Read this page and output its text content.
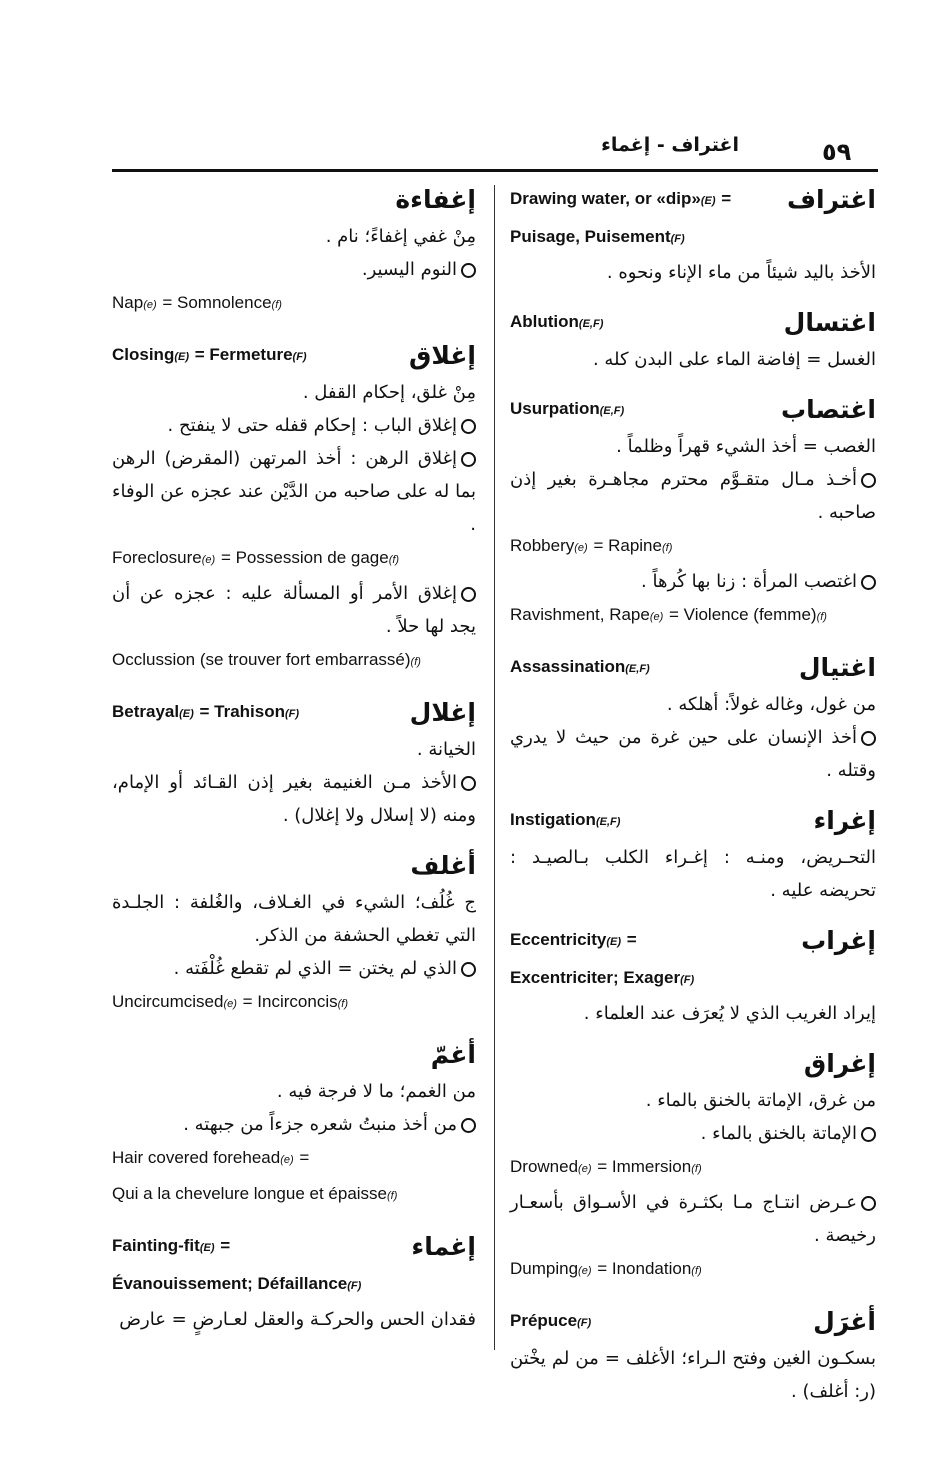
٥٩
اغتراف - إغماء
Drawing water, or «dip»(E) = اغتراف
Puisage, Puisement(F)
الأخذ باليد شيئاً من ماء الإناء ونحوه .
Ablution(E,F)	اغتسال
الغسل = إفاضة الماء على البدن كله .
Usurpation(E,F)	اغتصاب
الغصب = أخذ الشيء قهراً وظلماً .
أخـذ مـال متقـوَّم محترم مجاهـرة بغير إذن صاحبه .
Robbery(e) = Rapine(f)
اغتصب المرأة : زنا بها كُرهاً .
Ravishment, Rape(e) = Violence (femme)(f)
Assassination(E,F)	اغتيال
من غول، وغاله غولاً: أهلكه .
أخذ الإنسان على حين غرة من حيث لا يدري وقتله .
Instigation(E,F)	إغراء
التحـريض، ومنـه : إغـراء الكلب بـالصيـد : تحريضه عليه .
Eccentricity(E) =	إغراب
Excentriciter; Exager(F)
إيراد الغريب الذي لا يُعرَف عند العلماء .
إغراق
من غرق، الإماتة بالخنق بالماء .
الإماتة بالخنق بالماء .
Drowned(e) = Immersion(f)
عـرض انتـاج مـا بكثـرة في الأسـواق بأسعـار رخيصة .
Dumping(e) = Inondation(f)
Prépuce(F)	أغرَل
بسكـون الغين وفتح الـراء؛ الأغلف = من لم يخْتن (ر: أغلف) .
إغفاءة
مِنْ غفي إغفاءً؛ نام .
النوم اليسير.
Nap(e) = Somnolence(f)
Closing(E) = Fermeture(F)	إغلاق
مِنْ غلق، إحكام القفل .
إغلاق الباب : إحكام قفله حتى لا ينفتح .
إغلاق الرهن : أخذ المرتهن (المقرض) الرهن بما له على صاحبه من الدَّيْن عند عجزه عن الوفاء .
Foreclosure(e) = Possession de gage(f)
إغلاق الأمر أو المسألة عليه : عجزه عن أن يجد لها حلاً .
Occlussion (se trouver fort embarrassé)(f)
Betrayal(E) = Trahison(F)	إغلال
الخيانة .
الأخذ مـن الغنيمة بغير إذن القـائد أو الإمام، ومنه (لا إسلال ولا إغلال) .
أغلف
ج غُلُف؛ الشيء في الغـلاف، والغُلفة : الجلـدة التي تغطي الحشفة من الذكر.
الذي لم يختن = الذي لم تقطع غُلْفَته .
Uncircumcised(e) = Incirconcis(f)
أغمّ
من الغمم؛ ما لا فرجة فيه .
من أخذ منبتُ شعره جزءاً من جبهته .
Hair covered forehead(e) =
Qui a la chevelure longue et épaisse(f)
Fainting-fit(E) =	إغماء
Évanouissement; Défaillance(F)
فقدان الحس والحركـة والعقل لعـارضٍ = عارض
